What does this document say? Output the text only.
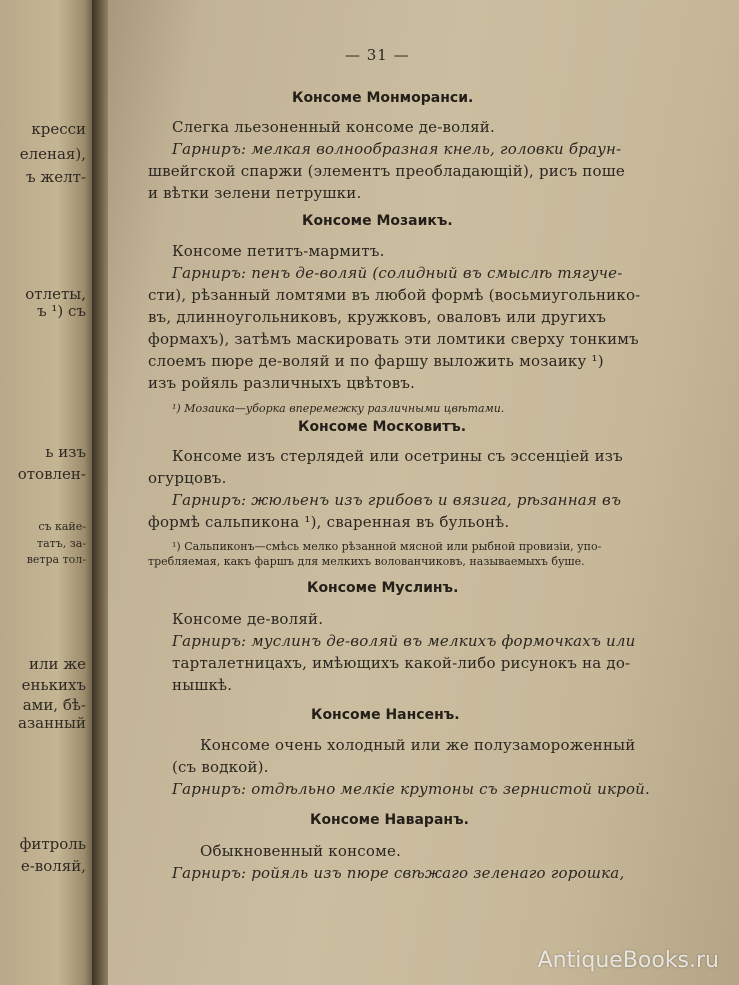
кресси
еленая),
ъ желт-
отлеты,
ъ ¹) съ
ь изъ
отовлен-
съ кайе-
татъ, за-
ветра тол-
или же
енькихъ
ами, бѣ-
азанный
фитроль
е-воляй,
— 31 —
Консоме Монморанси.
Слегка льезоненный консоме де-воляй.
Гарниръ: мелкая волнообразная кнель, головки браун-
швейгской спаржи (элементъ преобладающій), рисъ поше
и вѣтки зелени петрушки.
Консоме Мозаикъ.
Консоме петитъ-мармитъ.
Гарниръ: пенъ де-воляй (солидный въ смыслѣ тягуче-
сти), рѣзанный ломтями въ любой формѣ (восьмиугольнико-
въ, длинноугольниковъ, кружковъ, оваловъ или другихъ
формахъ), затѣмъ маскировать эти ломтики сверху тонкимъ
слоемъ пюре де-воляй и по фаршу выложить мозаику ¹)
изъ ройяль различныхъ цвѣтовъ.
¹) Мозаика—уборка вперемежку различными цвѣтами.
Консоме Московитъ.
Консоме изъ стерлядей или осетрины съ эссенціей изъ
огурцовъ.
Гарниръ: жюльенъ изъ грибовъ и вязига, рѣзанная въ
формѣ сальпикона ¹), сваренная въ бульонѣ.
¹) Сальпиконъ—смѣсь мелко рѣзанной мясной или рыбной провизіи, упо-
требляемая, какъ фаршъ для мелкихъ волованчиковъ, называемыхъ буше.
Консоме Муслинъ.
Консоме де-воляй.
Гарниръ: муслинъ де-воляй въ мелкихъ формочкахъ или
тарталетницахъ, имѣющихъ какой-либо рисунокъ на до-
нышкѣ.
Консоме Нансенъ.
Консоме очень холодный или же полузамороженный
(съ водкой).
Гарниръ: отдѣльно мелкіе крутоны съ зернистой икрой.
Консоме Наваранъ.
Обыкновенный консоме.
Гарниръ: ройяль изъ пюре свѣжаго зеленаго горошка,
AntiqueBooks.ru
